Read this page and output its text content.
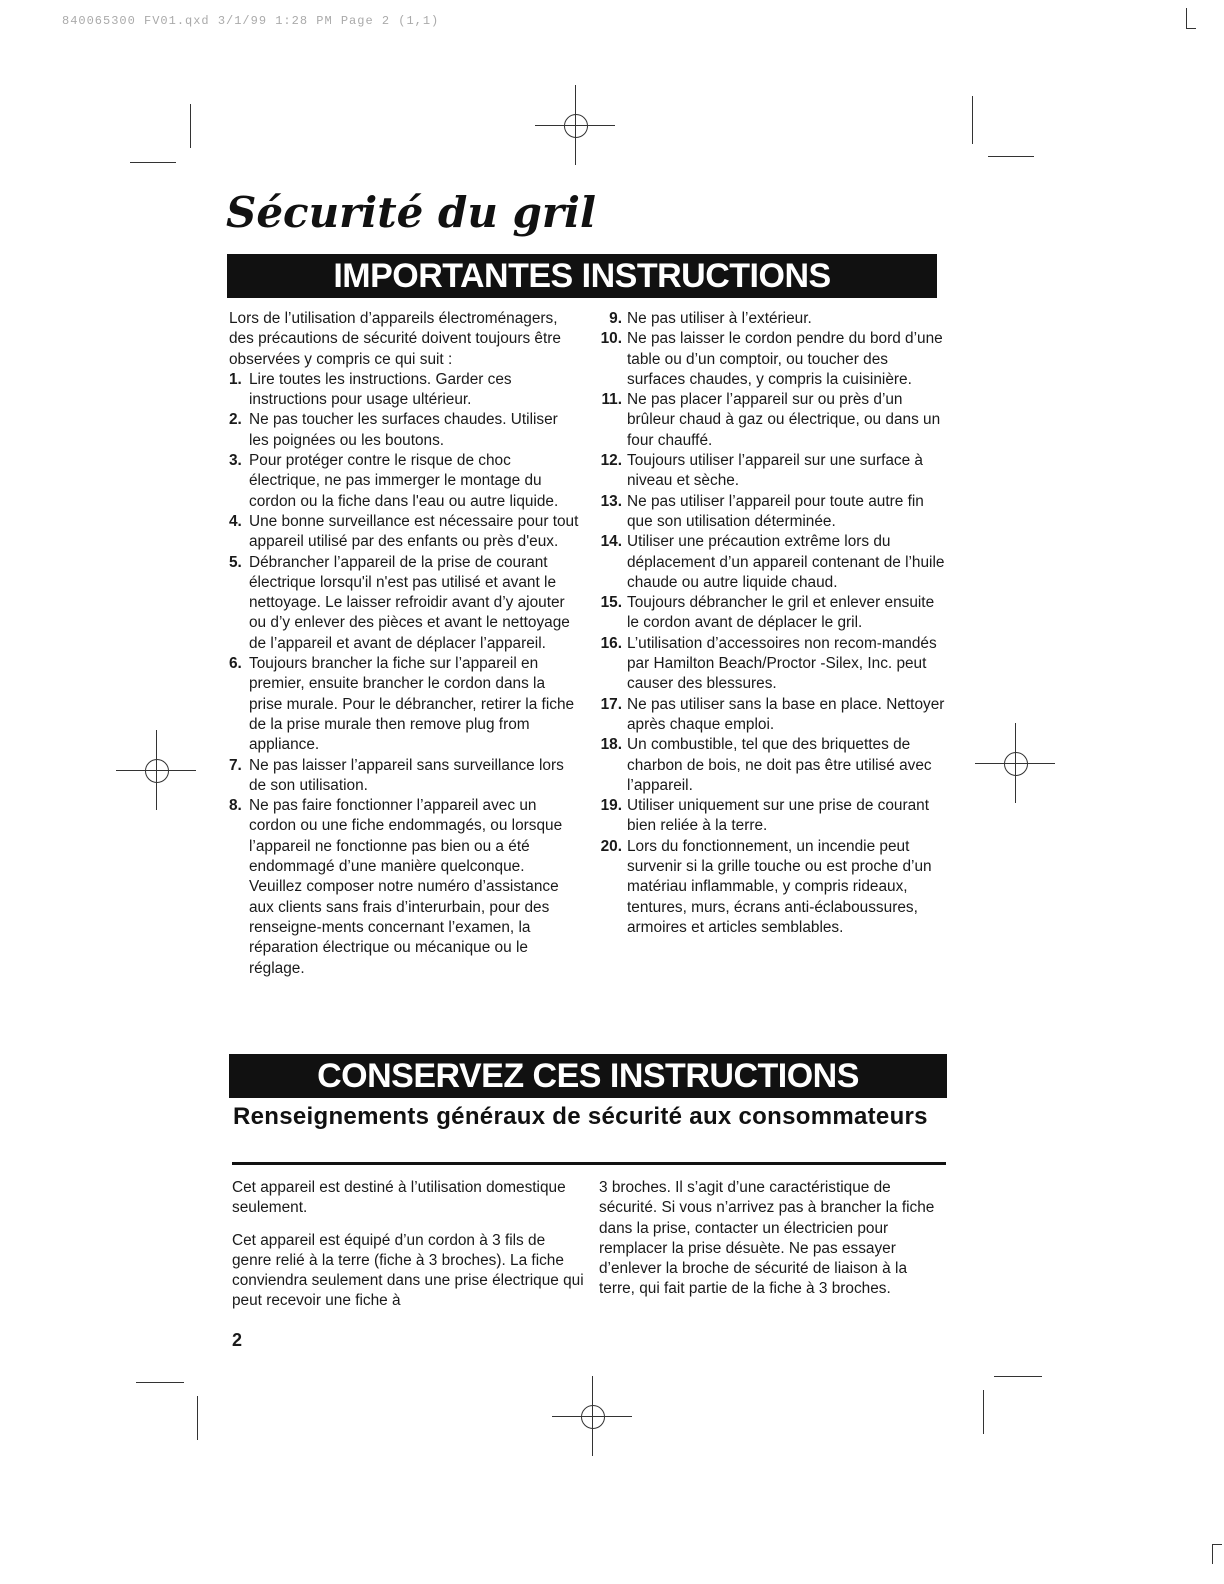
840065300 FV01.qxd 3/1/99 1:28 PM Page 2 (1,1)
Sécurité du gril
IMPORTANTES INSTRUCTIONS

Lors de l’utilisation d’appareils électroménagers, des précautions de sécurité doivent toujours être observées y compris ce qui suit :

1. Lire toutes les instructions. Garder ces instructions pour usage ultérieur.
2. Ne pas toucher les surfaces chaudes. Utiliser les poignées ou les boutons.
3. Pour protéger contre le risque de choc électrique, ne pas immerger le montage du cordon ou la fiche dans l'eau ou autre liquide.
4. Une bonne surveillance est nécessaire pour tout appareil utilisé par des enfants ou près d'eux.
5. Débrancher l’appareil de la prise de courant électrique lorsqu'il n'est pas utilisé et avant le nettoyage. Le laisser refroidir avant d’y ajouter ou d’y enlever des pièces et avant le nettoyage de l’appareil et avant de déplacer l’appareil.
6. Toujours brancher la fiche sur l’appareil en premier, ensuite brancher le cordon dans la prise murale. Pour le débrancher, retirer la fiche de la prise murale then remove plug from appliance.
7. Ne pas laisser l’appareil sans surveillance lors de son utilisation.
8. Ne pas faire fonctionner l’appareil avec un cordon ou une fiche endommagés, ou lorsque l’appareil ne fonctionne pas bien ou a été endommagé d’une manière quelconque. Veuillez composer notre numéro d’assistance aux clients sans frais d’interurbain, pour des renseigne-ments concernant l’examen, la réparation électrique ou mécanique ou le réglage.
9. Ne pas utiliser à l’extérieur.
10. Ne pas laisser le cordon pendre du bord d’une table ou d’un comptoir, ou toucher des surfaces chaudes, y compris la cuisinière.
11. Ne pas placer l’appareil sur ou près d’un brûleur chaud à gaz ou électrique, ou dans un four chauffé.
12. Toujours utiliser l’appareil sur une surface à niveau et sèche.
13. Ne pas utiliser l’appareil pour toute autre fin que son utilisation déterminée.
14. Utiliser une précaution extrême lors du déplacement d’un appareil contenant de l’huile chaude ou autre liquide chaud.
15. Toujours débrancher le gril et enlever ensuite le cordon avant de déplacer le gril.
16. L’utilisation d’accessoires non recom-mandés par Hamilton Beach/Proctor -Silex, Inc. peut causer des blessures.
17. Ne pas utiliser sans la base en place. Nettoyer après chaque emploi.
18. Un combustible, tel que des briquettes de charbon de bois, ne doit pas être utilisé avec l’appareil.
19. Utiliser uniquement sur une prise de courant bien reliée à la terre.
20. Lors du fonctionnement, un incendie peut survenir si la grille touche ou est proche d’un matériau inflammable, y compris rideaux, tentures, murs, écrans anti-éclaboussures, armoires et articles semblables.
CONSERVEZ CES INSTRUCTIONS
Renseignements généraux de sécurité aux consommateurs

Cet appareil est destiné à l’utilisation domestique seulement.

Cet appareil est équipé d’un cordon à 3 fils de genre relié à la terre (fiche à 3 broches). La fiche conviendra seulement dans une prise électrique qui peut recevoir une fiche à

3 broches. Il s’agit d’une caractéristique de sécurité. Si vous n’arrivez pas à brancher la fiche dans la prise, contacter un électricien pour remplacer la prise désuète. Ne pas essayer d’enlever la broche de sécurité de liaison à la terre, qui fait partie de la fiche à 3 broches.

2
